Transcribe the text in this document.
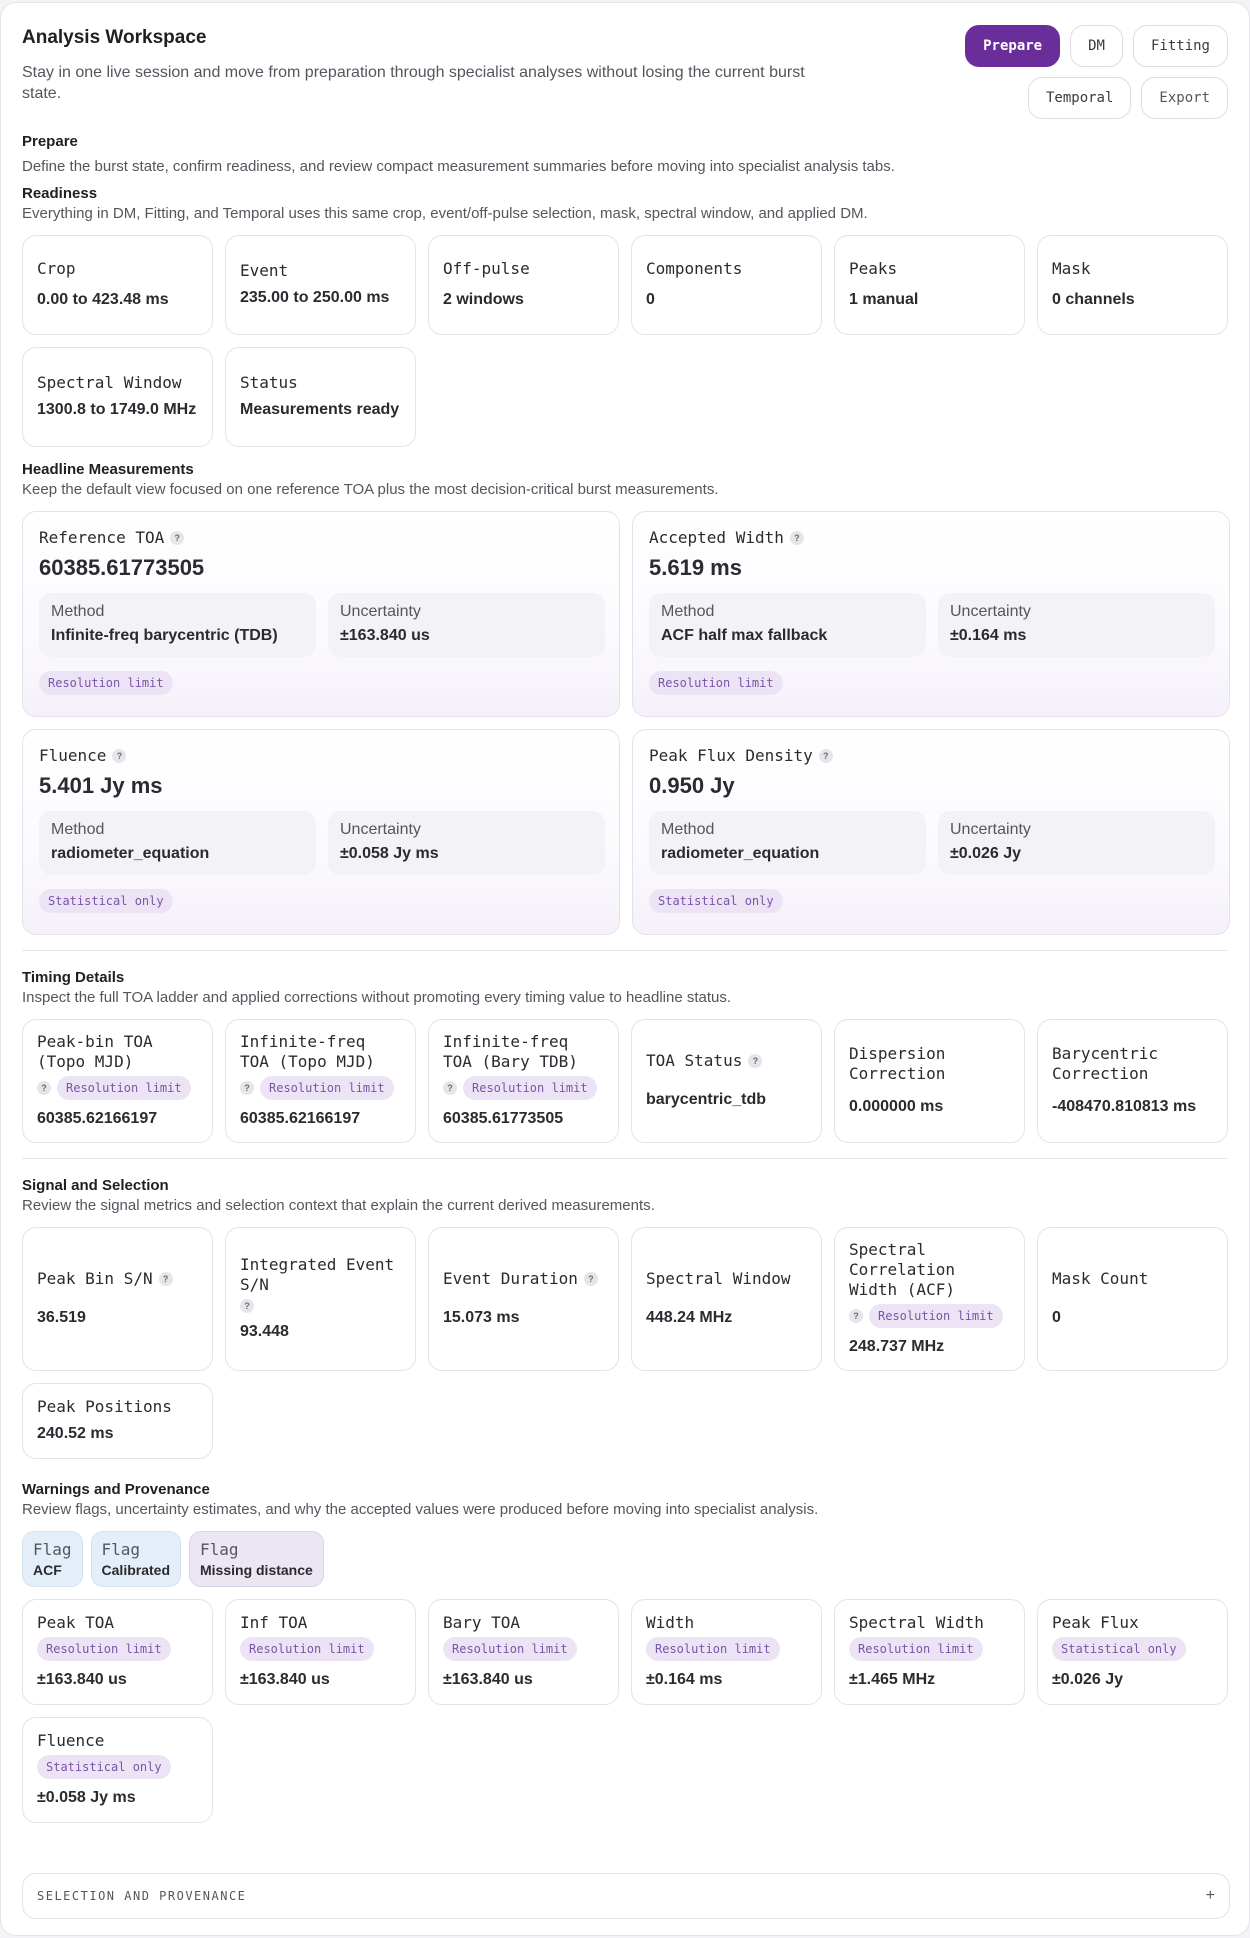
Analysis Workspace
Stay in one live session and move from preparation through specialist analyses without losing the current burst state.
Prepare	DM	Fitting
Temporal	Export
Prepare
Define the burst state, confirm readiness, and review compact measurement summaries before moving into specialist analysis tabs.
Readiness
Everything in DM, Fitting, and Temporal uses this same crop, event/off-pulse selection, mask, spectral window, and applied DM.
Crop
0.00 to 423.48 ms
Event
235.00 to 250.00 ms
Off-pulse
2 windows
Components
0
Peaks
1 manual
Mask
0 channels
Spectral Window
1300.8 to 1749.0 MHz
Status
Measurements ready
Headline Measurements
Keep the default view focused on one reference TOA plus the most decision-critical burst measurements.
Reference TOA	?
60385.61773505
Method
Infinite-freq barycentric (TDB)
Uncertainty
±163.840 us
Resolution limit
Accepted Width	?
5.619 ms
Method
ACF half max fallback
Uncertainty
±0.164 ms
Resolution limit
Fluence	?
5.401 Jy ms
Method
radiometer_equation
Uncertainty
±0.058 Jy ms
Statistical only
Peak Flux Density	?
0.950 Jy
Method
radiometer_equation
Uncertainty
±0.026 Jy
Statistical only
Timing Details
Inspect the full TOA ladder and applied corrections without promoting every timing value to headline status.
Peak-bin TOA (Topo MJD)
?	Resolution limit
60385.62166197
Infinite-freq TOA (Topo MJD)
?	Resolution limit
60385.62166197
Infinite-freq TOA (Bary TDB)
?	Resolution limit
60385.61773505
TOA Status	?
barycentric_tdb
Dispersion Correction
0.000000 ms
Barycentric Correction
-408470.810813 ms
Signal and Selection
Review the signal metrics and selection context that explain the current derived measurements.
Peak Bin S/N	?
36.519
Integrated Event S/N
?
93.448
Event Duration	?
15.073 ms
Spectral Window
448.24 MHz
Spectral Correlation Width (ACF)
?	Resolution limit
248.737 MHz
Mask Count
0
Peak Positions
240.52 ms
Warnings and Provenance
Review flags, uncertainty estimates, and why the accepted values were produced before moving into specialist analysis.
Flag
ACF
Flag
Calibrated
Flag
Missing distance
Peak TOA
Resolution limit
±163.840 us
Inf TOA
Resolution limit
±163.840 us
Bary TOA
Resolution limit
±163.840 us
Width
Resolution limit
±0.164 ms
Spectral Width
Resolution limit
±1.465 MHz
Peak Flux
Statistical only
±0.026 Jy
Fluence
Statistical only
±0.058 Jy ms
SELECTION AND PROVENANCE	+
